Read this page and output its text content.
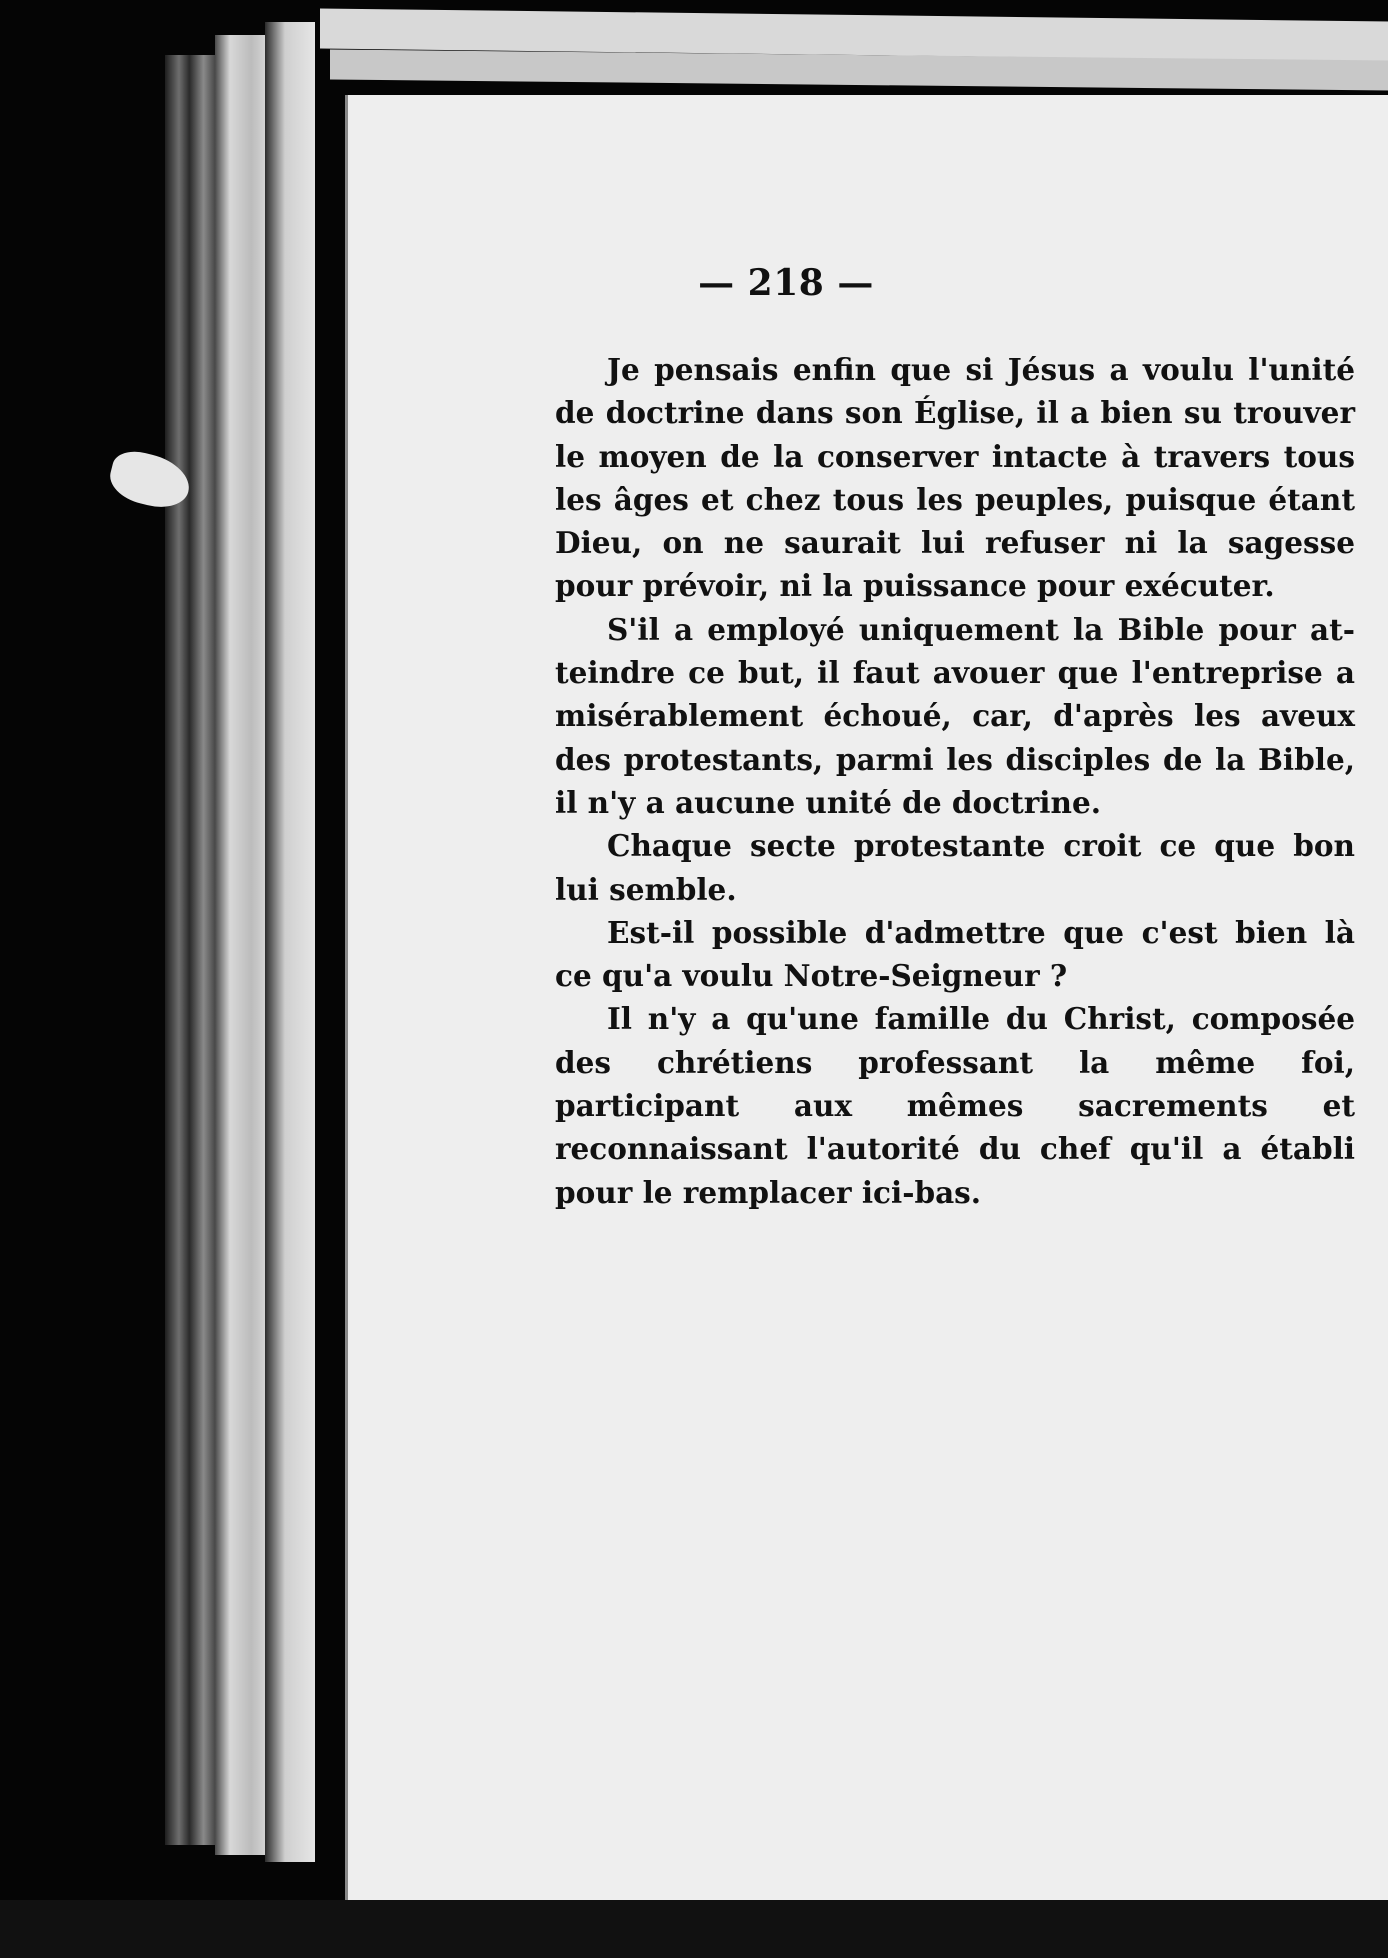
— 218 —

Je pensais enfin que si Jésus a voulu l'unité de doctrine dans son Église, il a bien su trouver le moyen de la conserver intacte à travers tous les âges et chez tous les peuples, puisque étant Dieu, on ne saurait lui refuser ni la sagesse pour prévoir, ni la puissance pour exécuter.

S'il a employé uniquement la Bible pour atteindre ce but, il faut avouer que l'entreprise a misérablement échoué, car, d'après les aveux des protestants, parmi les disciples de la Bible, il n'y a aucune unité de doctrine.

Chaque secte protestante croit ce que bon lui semble.

Est-il possible d'admettre que c'est bien là ce qu'a voulu Notre-Seigneur ?

Il n'y a qu'une famille du Christ, composée des chrétiens professant la même foi, participant aux mêmes sacrements et reconnaissant l'autorité du chef qu'il a établi pour le remplacer ici-bas.
